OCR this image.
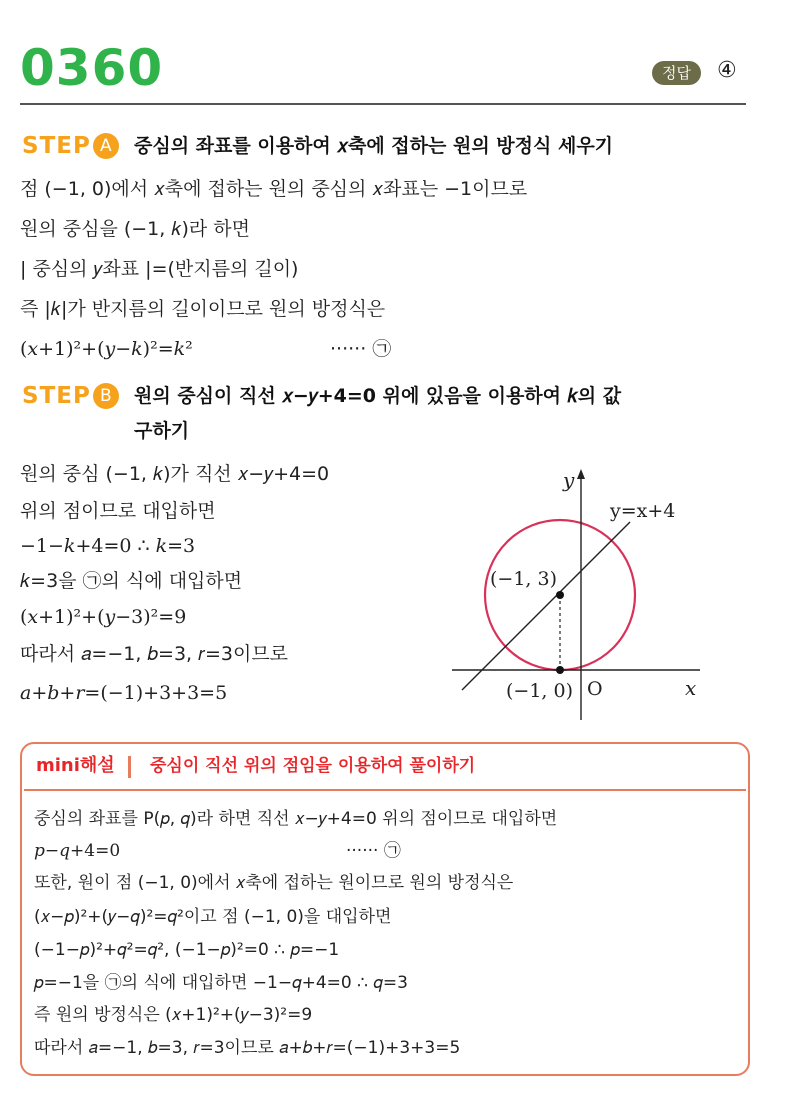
0360	정답	④
STEP A	중심의 좌표를 이용하여 𝑥축에 접하는 원의 방정식 세우기
점 (−1, 0)에서 𝑥축에 접하는 원의 중심의 𝑥좌표는 −1이므로
원의 중심을 (−1, 𝑘)라 하면
| 중심의 𝑦좌표 |=(반지름의 길이)
즉 |𝑘|가 반지름의 길이이므로 원의 방정식은
(𝑥+1)²+(𝑦−𝑘)²=𝑘²	······ ㉠
STEP B	원의 중심이 직선 𝑥−𝑦+4=0 위에 있음을 이용하여 𝑘의 값
구하기
원의 중심 (−1, 𝑘)가 직선 𝑥−𝑦+4=0
위의 점이므로 대입하면
−1−𝑘+4=0 ∴ 𝑘=3
𝑘=3을 ㉠의 식에 대입하면
(𝑥+1)²+(𝑦−3)²=9
따라서 𝑎=−1, 𝑏=3, 𝑟=3이므로
𝑎+𝑏+𝑟=(−1)+3+3=5
y
x
y=x+4
(−1, 3)
(−1, 0) O
mini해설 중심이 직선 위의 점임을 이용하여 풀이하기
중심의 좌표를 P(𝑝, 𝑞)라 하면 직선 𝑥−𝑦+4=0 위의 점이므로 대입하면
𝑝−𝑞+4=0	······ ㉠
또한, 원이 점 (−1, 0)에서 𝑥축에 접하는 원이므로 원의 방정식은
(𝑥−𝑝)²+(𝑦−𝑞)²=𝑞²이고 점 (−1, 0)을 대입하면
(−1−𝑝)²+𝑞²=𝑞², (−1−𝑝)²=0 ∴ 𝑝=−1
𝑝=−1을 ㉠의 식에 대입하면 −1−𝑞+4=0 ∴ 𝑞=3
즉 원의 방정식은 (𝑥+1)²+(𝑦−3)²=9
따라서 𝑎=−1, 𝑏=3, 𝑟=3이므로 𝑎+𝑏+𝑟=(−1)+3+3=5
